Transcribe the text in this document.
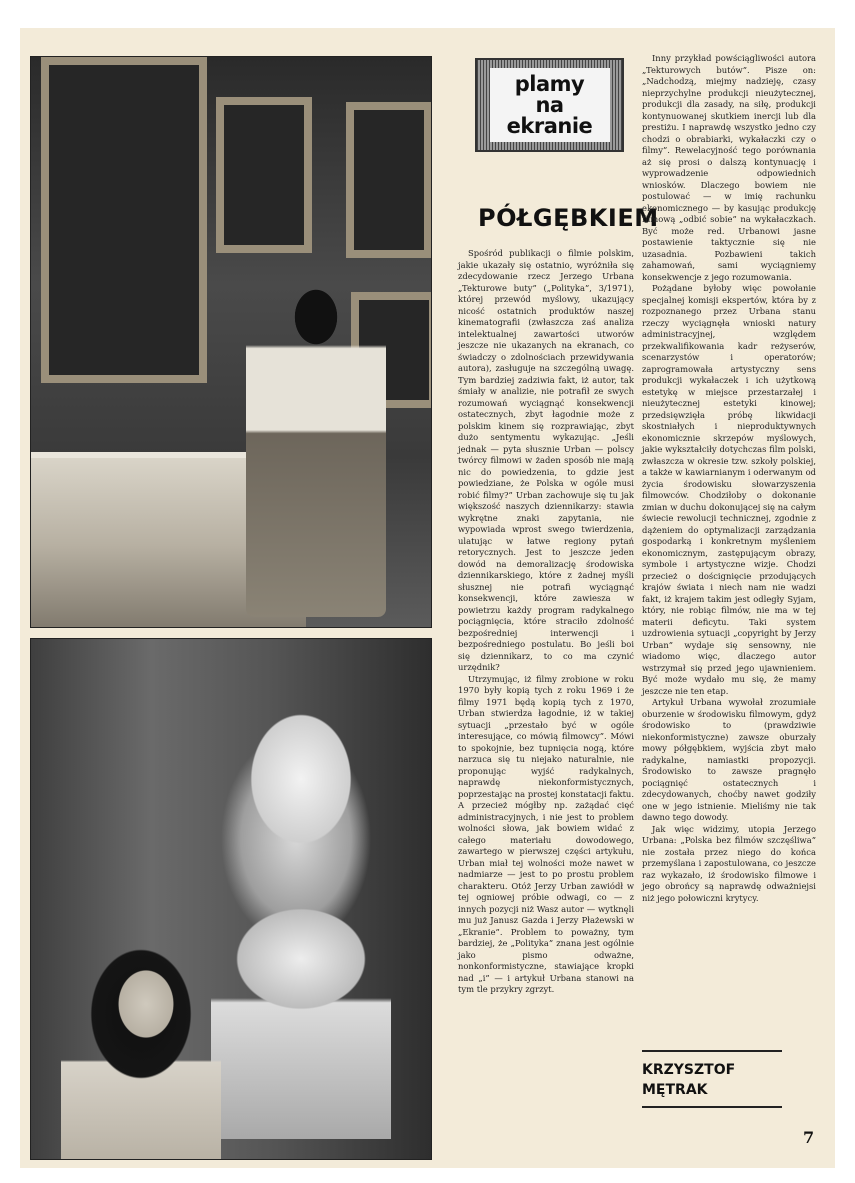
plamy
na
ekranie
PÓŁGĘBKIEM

Spośród publikacji o filmie polskim, jakie ukazały się ostatnio, wyróżniła się zdecydowanie rzecz Jerzego Urbana „Tekturowe buty” („Polityka”, 3/1971), której przewód myślowy, ukazujący nicość ostatnich produktów naszej kinematografii (zwłaszcza zaś analiza intelektualnej zawartości utworów jeszcze nie ukazanych na ekranach, co świadczy o zdolnościach przewidywania autora), zasługuje na szczególną uwagę. Tym bardziej zadziwia fakt, iż autor, tak śmiały w analizie, nie potrafił ze swych rozumowań wyciągnąć konsekwencji ostatecznych, zbyt łagodnie może z polskim kinem się rozprawiając, zbyt dużo sentymentu wykazując. „Jeśli jednak — pyta słusznie Urban — polscy twórcy filmowi w żaden sposób nie mają nic do powiedzenia, to gdzie jest powiedziane, że Polska w ogóle musi robić filmy?” Urban zachowuje się tu jak większość naszych dziennikarzy: stawia wykrętne znaki zapytania, nie wypowiada wprost swego twierdzenia, ulatując w łatwe regiony pytań retorycznych. Jest to jeszcze jeden dowód na demoralizację środowiska dziennikarskiego, które z żadnej myśli słusznej nie potrafi wyciągnąć konsekwencji, które zawiesza w powietrzu każdy program radykalnego pociągnięcia, które straciło zdolność bezpośredniej interwencji i bezpośredniego postulatu. Bo jeśli boi się dziennikarz, to co ma czynić urzędnik?

Utrzymując, iż filmy zrobione w roku 1970 były kopią tych z roku 1969 i że filmy 1971 będą kopią tych z 1970, Urban stwierdza łagodnie, iż w takiej sytuacji „przestało być w ogóle interesujące, co mówią filmowcy”. Mówi to spokojnie, bez tupnięcia nogą, które narzuca się tu niejako naturalnie, nie proponując wyjść radykalnych, naprawdę niekonformistycznych, poprzestając na prostej konstatacji faktu. A przecież mógłby np. zażądać cięć administracyjnych, i nie jest to problem wolności słowa, jak bowiem widać z całego materiału dowodowego, zawartego w pierwszej części artykułu, Urban miał tej wolności może nawet w nadmiarze — jest to po prostu problem charakteru. Otóż Jerzy Urban zawiódł w tej ogniowej próbie odwagi, co — z innych pozycji niż Wasz autor — wytknęli mu już Janusz Gazda i Jerzy Płażewski w „Ekranie”. Problem to poważny, tym bardziej, że „Polityka” znana jest ogólnie jako pismo odważne, nonkonformistyczne, stawiające kropki nad „i” — i artykuł Urbana stanowi na tym tle przykry zgrzyt.

Inny przykład powściągliwości autora „Tekturowych butów”. Pisze on: „Nadchodzą, miejmy nadzieję, czasy nieprzychylne produkcji nieużytecznej, produkcji dla zasady, na siłę, produkcji kontynuowanej skutkiem inercji lub dla prestiżu. I naprawdę wszystko jedno czy chodzi o obrabiarki, wykałaczki czy o filmy”. Rewelacyjność tego porównania aż się prosi o dalszą kontynuację i wyprowadzenie odpowiednich wniosków. Dlaczego bowiem nie postulować — w imię rachunku ekonomicznego — by kasując produkcję filmową „odbić sobie” na wykałaczkach. Być może red. Urbanowi jasne postawienie taktycznie się nie uzasadnia. Pozbawieni takich zahamowań, sami wyciągniemy konsekwencje z jego rozumowania.

Pożądane byłoby więc powołanie specjalnej komisji ekspertów, która by z rozpoznanego przez Urbana stanu rzeczy wyciągnęła wnioski natury administracyjnej, względem przekwalifikowania kadr reżyserów, scenarzystów i operatorów; zaprogramowała artystyczny sens produkcji wykałaczek i ich użytkową estetykę w miejsce przestarzałej i nieużytecznej estetyki kinowej; przedsięwzięła próbę likwidacji skostniałych i nieproduktywnych ekonomicznie skrzepów myślowych, jakie wykształciły dotychczas film polski, zwłaszcza w okresie tzw. szkoły polskiej, a także w kawiarnianym i oderwanym od życia środowisku słowarzyszenia filmowców. Chodziłoby o dokonanie zmian w duchu dokonującej się na całym świecie rewolucji technicznej, zgodnie z dążeniem do optymalizacji zarządzania gospodarką i konkretnym myśleniem ekonomicznym, zastępującym obrazy, symbole i artystyczne wizje. Chodzi przecież o doścignięcie przodujących krajów świata i niech nam nie wadzi fakt, iż krajem takim jest odległy Syjam, który, nie robiąc filmów, nie ma w tej materii deficytu. Taki system uzdrowienia sytuacji „copyright by Jerzy Urban” wydaje się sensowny, nie wiadomo więc, dlaczego autor wstrzymał się przed jego ujawnieniem. Być może wydało mu się, że mamy jeszcze nie ten etap.

Artykuł Urbana wywołał zrozumiałe oburzenie w środowisku filmowym, gdyż środowisko to (prawdziwie niekonformistyczne) zawsze oburzały mowy półgębkiem, wyjścia zbyt mało radykalne, namiastki propozycji. Środowisko to zawsze pragnęło pociągnięć ostatecznych i zdecydowanych, choćby nawet godziły one w jego istnienie. Mieliśmy nie tak dawno tego dowody.

Jak więc widzimy, utopia Jerzego Urbana: „Polska bez filmów szczęśliwa” nie została przez niego do końca przemyślana i zapostulowana, co jeszcze raz wykazało, iż środowisko filmowe i jego obrońcy są naprawdę odważniejsi niż jego połowiczni krytycy.

KRZYSZTOF
MĘTRAK
7
